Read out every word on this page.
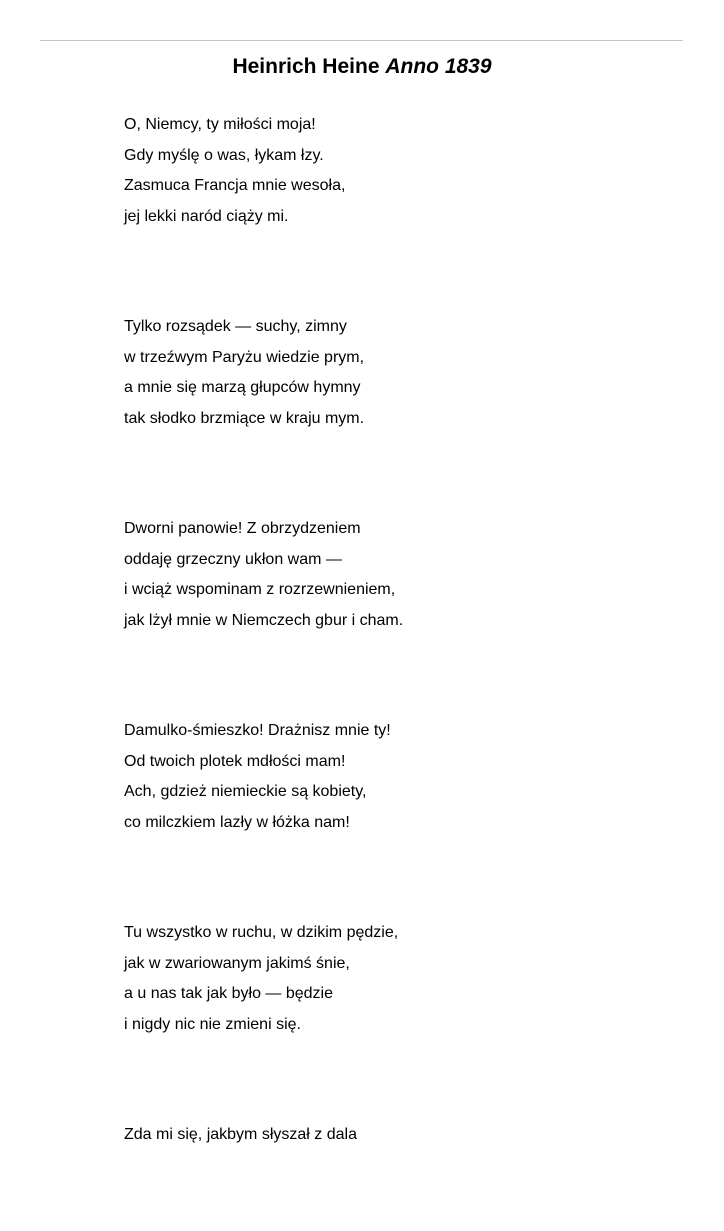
Heinrich Heine Anno 1839
O, Niemcy, ty miłości moja!
Gdy myślę o was, łykam łzy.
Zasmuca Francja mnie wesoła,
jej lekki naród ciąży mi.
Tylko rozsądek — suchy, zimny
w trzeźwym Paryżu wiedzie prym,
a mnie się marzą głupców hymny
tak słodko brzmiące w kraju mym.
Dworni panowie! Z obrzydzeniem
oddaję grzeczny ukłon wam —
i wciąż wspominam z rozrzewnieniem,
jak lżył mnie w Niemczech gbur i cham.
Damulko-śmieszko! Drażnisz mnie ty!
Od twoich plotek mdłości mam!
Ach, gdzież niemieckie są kobiety,
co milczkiem lazły w łóżka nam!
Tu wszystko w ruchu, w dzikim pędzie,
jak w zwariowanym jakimś śnie,
a u nas tak jak było — będzie
i nigdy nic nie zmieni się.
Zda mi się, jakbym słyszał z dala
